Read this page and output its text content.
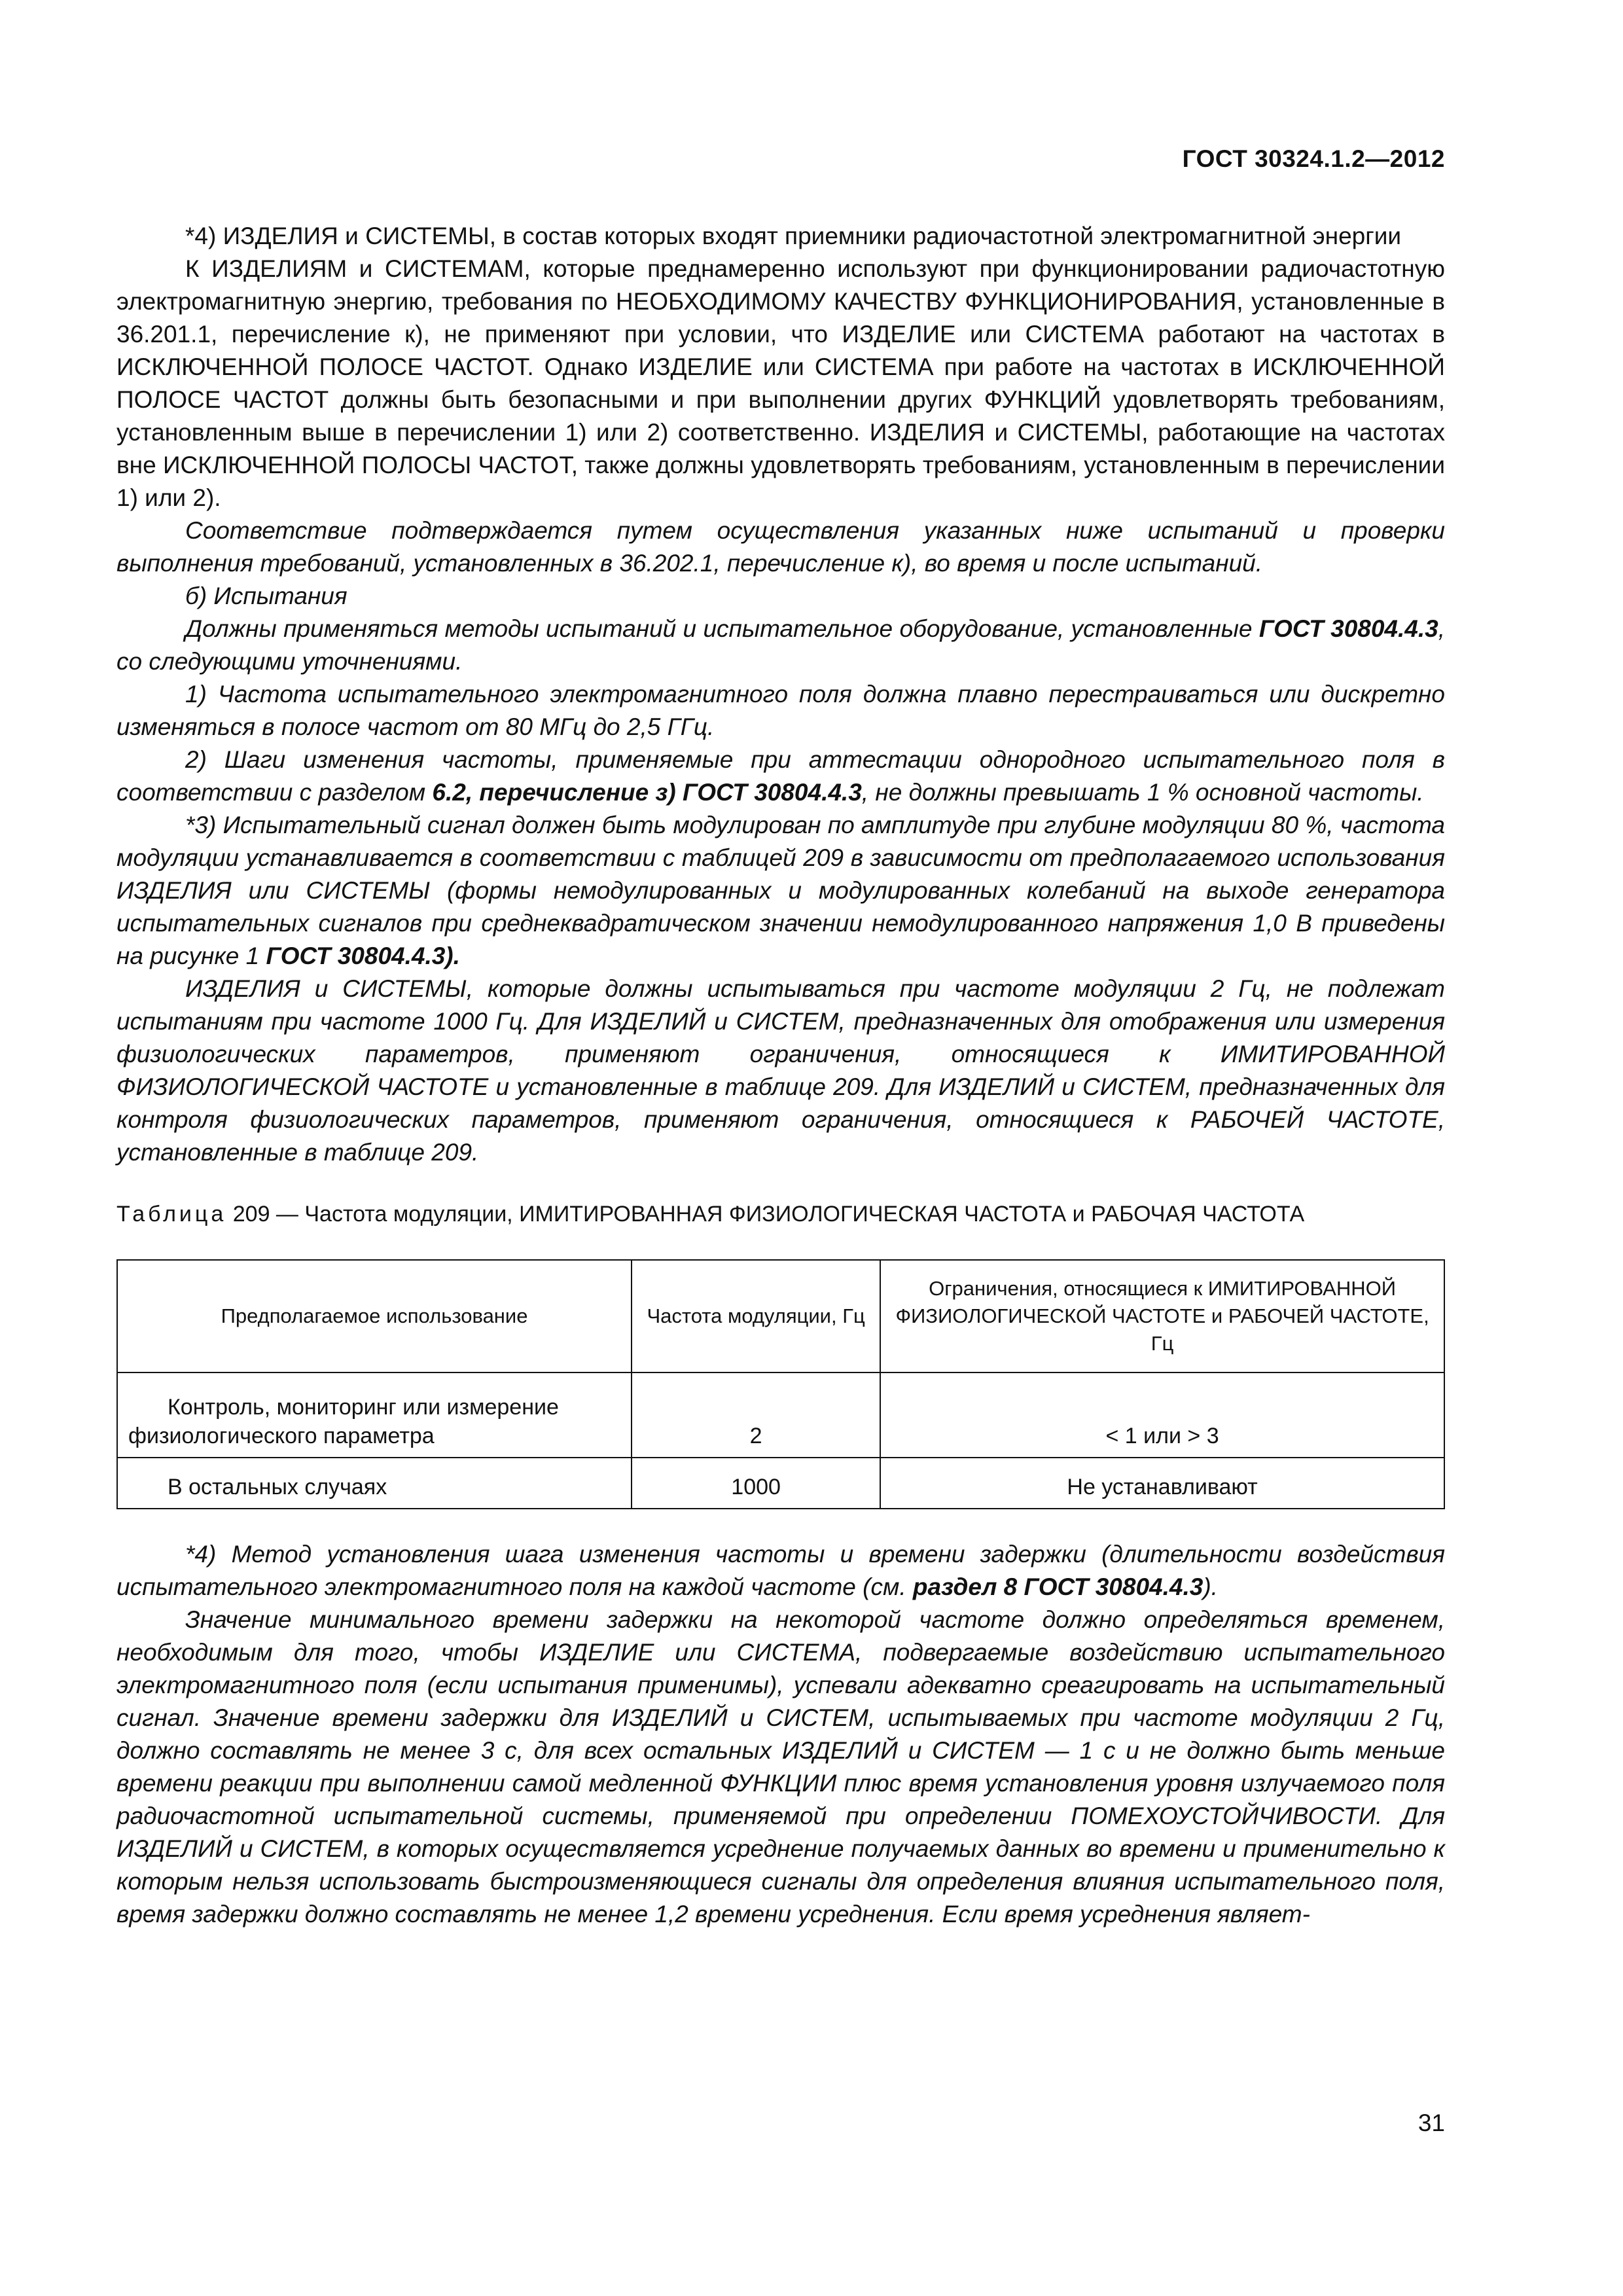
ГОСТ 30324.1.2—2012

*4) ИЗДЕЛИЯ и СИСТЕМЫ, в состав которых входят приемники радиочастотной электромагнитной энергии

К ИЗДЕЛИЯМ и СИСТЕМАМ, которые преднамеренно используют при функционировании радиочастотную электромагнитную энергию, требования по НЕОБХОДИМОМУ КАЧЕСТВУ ФУНКЦИОНИРОВАНИЯ, установленные в 36.201.1, перечисление к), не применяют при условии, что ИЗДЕЛИЕ или СИСТЕМА работают на частотах в ИСКЛЮЧЕННОЙ ПОЛОСЕ ЧАСТОТ. Однако ИЗДЕЛИЕ или СИСТЕМА при работе на частотах в ИСКЛЮЧЕННОЙ ПОЛОСЕ ЧАСТОТ должны быть безопасными и при выполнении других ФУНКЦИЙ удовлетворять требованиям, установленным выше в перечислении 1) или 2) соответственно. ИЗДЕЛИЯ и СИСТЕМЫ, работающие на частотах вне ИСКЛЮЧЕННОЙ ПОЛОСЫ ЧАСТОТ, также должны удовлетворять требованиям, установленным в перечислении 1) или 2).

Соответствие подтверждается путем осуществления указанных ниже испытаний и проверки выполнения требований, установленных в 36.202.1, перечисление к), во время и после испытаний.

б) Испытания

Должны применяться методы испытаний и испытательное оборудование, установленные ГОСТ 30804.4.3, со следующими уточнениями.

1) Частота испытательного электромагнитного поля должна плавно перестраиваться или дискретно изменяться в полосе частот от 80 МГц до 2,5 ГГц.

2) Шаги изменения частоты, применяемые при аттестации однородного испытательного поля в соответствии с разделом 6.2, перечисление з) ГОСТ 30804.4.3, не должны превышать 1 % основной частоты.

*3) Испытательный сигнал должен быть модулирован по амплитуде при глубине модуляции 80 %, частота модуляции устанавливается в соответствии с таблицей 209 в зависимости от предполагаемого использования ИЗДЕЛИЯ или СИСТЕМЫ (формы немодулированных и модулированных колебаний на выходе генератора испытательных сигналов при среднеквадратическом значении немодулированного напряжения 1,0 В приведены на рисунке 1 ГОСТ 30804.4.3).

ИЗДЕЛИЯ и СИСТЕМЫ, которые должны испытываться при частоте модуляции 2 Гц, не подлежат испытаниям при частоте 1000 Гц. Для ИЗДЕЛИЙ и СИСТЕМ, предназначенных для отображения или измерения физиологических параметров, применяют ограничения, относящиеся к ИМИТИРОВАННОЙ ФИЗИОЛОГИЧЕСКОЙ ЧАСТОТЕ и установленные в таблице 209. Для ИЗДЕЛИЙ и СИСТЕМ, предназначенных для контроля физиологических параметров, применяют ограничения, относящиеся к РАБОЧЕЙ ЧАСТОТЕ, установленные в таблице 209.

Таблица 209 — Частота модуляции, ИМИТИРОВАННАЯ ФИЗИОЛОГИЧЕСКАЯ ЧАСТОТА и РАБОЧАЯ ЧАСТОТА

Предполагаемое использование	Частота модуляции, Гц	Ограничения, относящиеся к ИМИТИРОВАННОЙ ФИЗИОЛОГИЧЕСКОЙ ЧАСТОТЕ и РАБОЧЕЙ ЧАСТОТЕ, Гц
Контроль, мониторинг или измерение физиологического параметра	2	< 1 или > 3
В остальных случаях	1000	Не устанавливают

*4) Метод установления шага изменения частоты и времени задержки (длительности воздействия испытательного электромагнитного поля на каждой частоте (см. раздел 8 ГОСТ 30804.4.3).

Значение минимального времени задержки на некоторой частоте должно определяться временем, необходимым для того, чтобы ИЗДЕЛИЕ или СИСТЕМА, подвергаемые воздействию испытательного электромагнитного поля (если испытания применимы), успевали адекватно среагировать на испытательный сигнал. Значение времени задержки для ИЗДЕЛИЙ и СИСТЕМ, испытываемых при частоте модуляции 2 Гц, должно составлять не менее 3 с, для всех остальных ИЗДЕЛИЙ и СИСТЕМ — 1 с и не должно быть меньше времени реакции при выполнении самой медленной ФУНКЦИИ плюс время установления уровня излучаемого поля радиочастотной испытательной системы, применяемой при определении ПОМЕХОУСТОЙЧИВОСТИ. Для ИЗДЕЛИЙ и СИСТЕМ, в которых осуществляется усреднение получаемых данных во времени и применительно к которым нельзя использовать быстроизменяющиеся сигналы для определения влияния испытательного поля, время задержки должно составлять не менее 1,2 времени усреднения. Если время усреднения являет-

31
